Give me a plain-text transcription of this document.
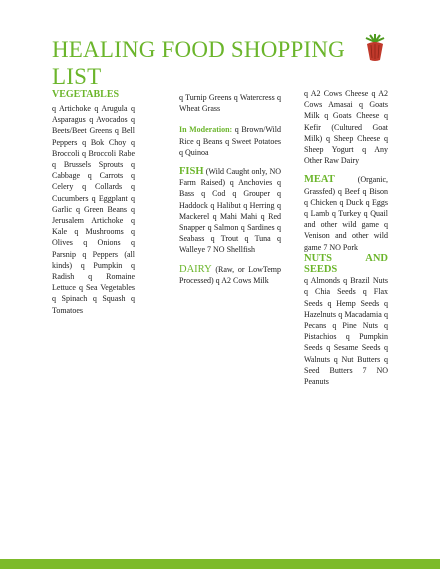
HEALING FOOD SHOPPING LIST
VEGETABLES

q Artichoke q Arugula q Asparagus q Avocados q Beets/Beet Greens q Bell Peppers q Bok Choy q Broccoli q Broccoli Rabe q Brussels Sprouts q Cabbage q Carrots q Celery q Collards q Cucumbers q Eggplant q Garlic q Green Beans q Jerusalem Artichoke q Kale q Mushrooms q Olives q Onions q Parsnip q Peppers (all kinds) q Pumpkin q Radish q Romaine Lettuce q Sea Vegetables q Spinach q Squash q Tomatoes

q Turnip Greens q Watercress q Wheat Grass

In Moderation: q Brown/Wild Rice q Beans q Sweet Potatoes q Quinoa

FISH (Wild Caught only, NO Farm Raised) q Anchovies q Bass q Cod q Grouper q Haddock q Halibut q Herring q Mackerel q Mahi Mahi q Red Snapper q Salmon q Sardines q Seabass q Trout q Tuna q Walleye 7 NO Shellfish

DAIRY (Raw, or LowTemp Processed) q A2 Cows Milk

q A2 Cows Cheese q A2 Cows Amasai q Goats Milk q Goats Cheese q Kefir (Cultured Goat Milk) q Sheep Cheese q Sheep Yogurt q Any Other Raw Dairy

MEAT	(Organic, Grassfed) q Beef q Bison q Chicken q Duck q Eggs q Lamb q Turkey q Quail and other wild game q Venison and other wild game 7 NO Pork

NUTS AND SEEDS

q Almonds q Brazil Nuts q Chia Seeds q Flax Seeds q Hemp Seeds q Hazelnuts q Macadamia q Pecans q Pine Nuts q Pistachios q Pumpkin Seeds q Sesame Seeds q Walnuts q Nut Butters q Seed Butters 7 NO Peanuts
